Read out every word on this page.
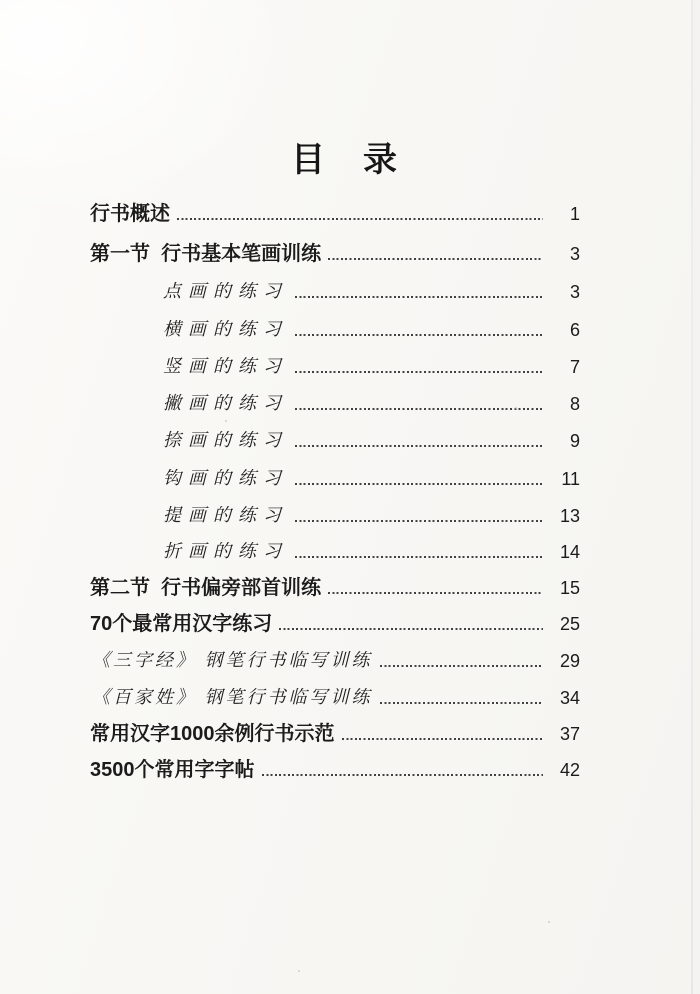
目　录
行书概述	1
第一节  行书基本笔画训练	3
点画的练习	3
横画的练习	6
竖画的练习	7
撇画的练习	8
捺画的练习	9
钩画的练习	11
提画的练习	13
折画的练习	14
第二节  行书偏旁部首训练	15
70个最常用汉字练习	25
《三字经》 钢笔行书临写训练	29
《百家姓》 钢笔行书临写训练	34
常用汉字1000余例行书示范	37
3500个常用字字帖	42
